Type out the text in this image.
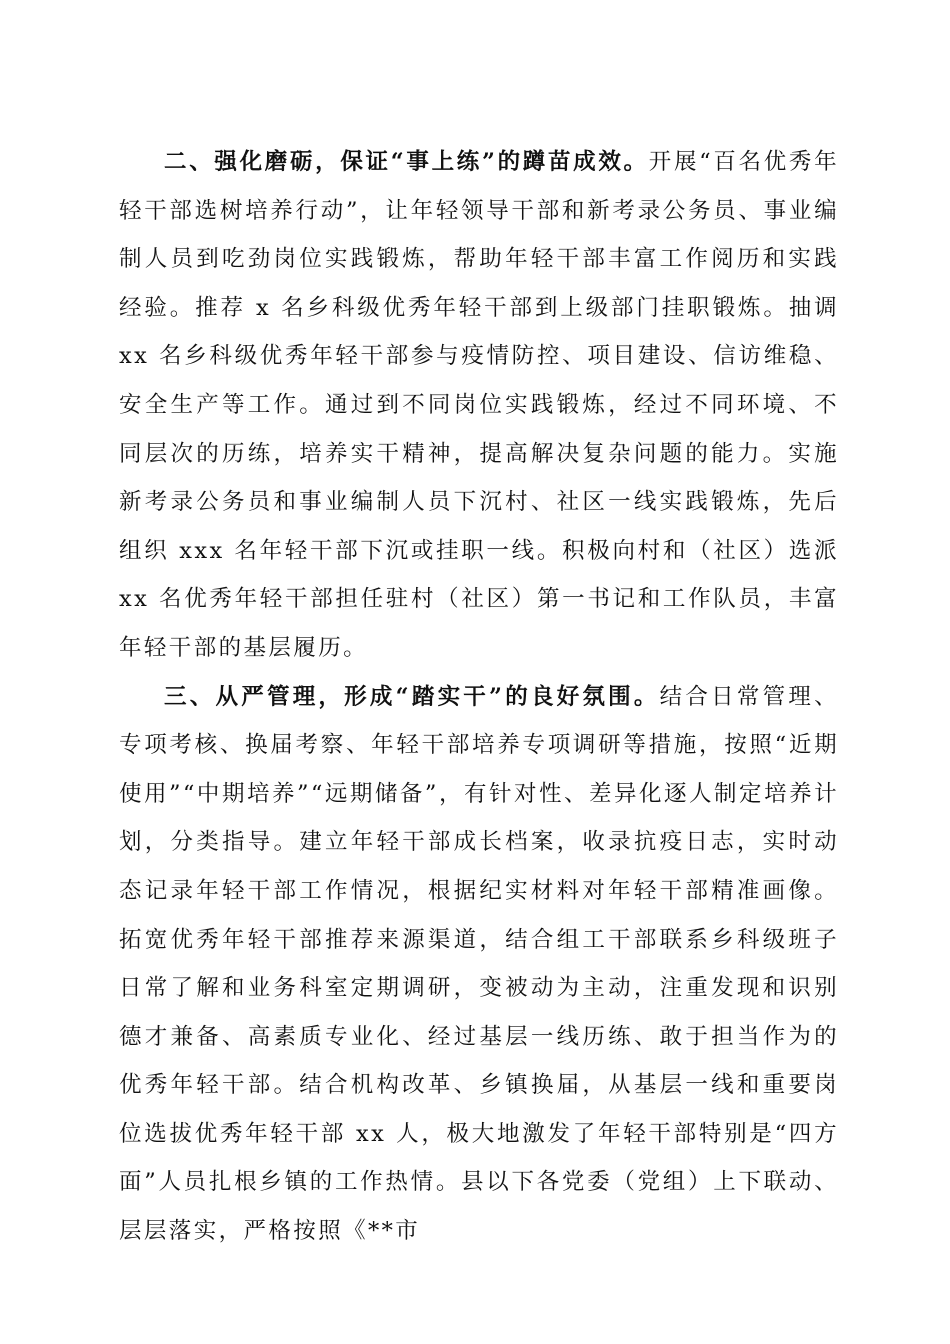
二、强化磨砺，保证“事上练”的蹲苗成效。开展“百名优秀年轻干部选树培养行动”，让年轻领导干部和新考录公务员、事业编制人员到吃劲岗位实践锻炼，帮助年轻干部丰富工作阅历和实践经验。推荐 x 名乡科级优秀年轻干部到上级部门挂职锻炼。抽调 xx 名乡科级优秀年轻干部参与疫情防控、项目建设、信访维稳、安全生产等工作。通过到不同岗位实践锻炼，经过不同环境、不同层次的历练，培养实干精神，提高解决复杂问题的能力。实施新考录公务员和事业编制人员下沉村、社区一线实践锻炼，先后组织 xxx 名年轻干部下沉或挂职一线。积极向村和（社区）选派 xx 名优秀年轻干部担任驻村（社区）第一书记和工作队员，丰富年轻干部的基层履历。

三、从严管理，形成“踏实干”的良好氛围。结合日常管理、专项考核、换届考察、年轻干部培养专项调研等措施，按照“近期使用”“中期培养”“远期储备”，有针对性、差异化逐人制定培养计划，分类指导。建立年轻干部成长档案，收录抗疫日志，实时动态记录年轻干部工作情况，根据纪实材料对年轻干部精准画像。拓宽优秀年轻干部推荐来源渠道，结合组工干部联系乡科级班子日常了解和业务科室定期调研，变被动为主动，注重发现和识别德才兼备、高素质专业化、经过基层一线历练、敢于担当作为的优秀年轻干部。结合机构改革、乡镇换届，从基层一线和重要岗位选拔优秀年轻干部 xx 人，极大地激发了年轻干部特别是“四方面”人员扎根乡镇的工作热情。县以下各党委（党组）上下联动、层层落实，严格按照《**市
